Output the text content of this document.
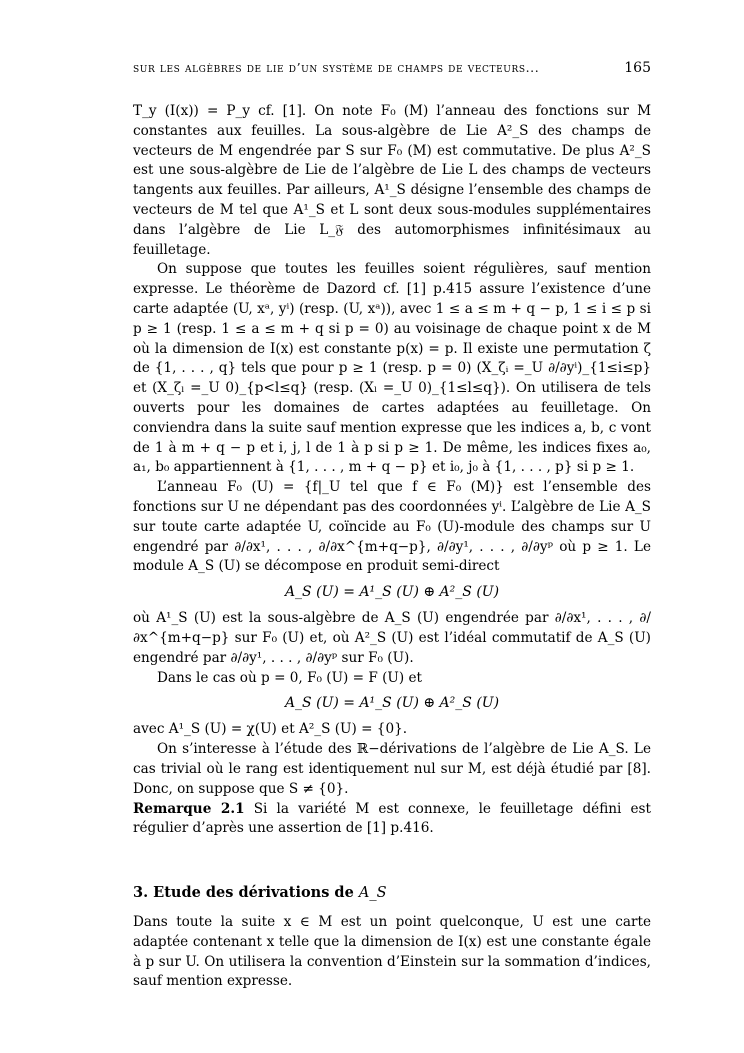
sur les algèbres de lie d’un système de champs de vecteurs...	165

T_y (I(x)) = P_y cf. [1]. On note F₀ (M) l’anneau des fonctions sur M constantes aux feuilles. La sous-algèbre de Lie A²_S des champs de vecteurs de M engendrée par S sur F₀ (M) est commutative. De plus A²_S est une sous-algèbre de Lie de l’algèbre de Lie L des champs de vecteurs tangents aux feuilles. Par ailleurs, A¹_S désigne l’ensemble des champs de vecteurs de M tel que A¹_S et L sont deux sous-modules supplémentaires dans l’algèbre de Lie L_𝔉 des automorphismes infinitésimaux au feuilletage.

On suppose que toutes les feuilles soient régulières, sauf mention expresse. Le théorème de Dazord cf. [1] p.415 assure l’existence d’une carte adaptée (U, xᵃ, yⁱ) (resp. (U, xᵃ)), avec 1 ≤ a ≤ m + q − p, 1 ≤ i ≤ p si p ≥ 1 (resp. 1 ≤ a ≤ m + q si p = 0) au voisinage de chaque point x de M où la dimension de I(x) est constante p(x) = p. Il existe une permutation ζ de {1, . . . , q} tels que pour p ≥ 1 (resp. p = 0) (X_ζᵢ =_U ∂/∂yⁱ)_{1≤i≤p} et (X_ζₗ =_U 0)_{p<l≤q} (resp. (Xₗ =_U 0)_{1≤l≤q}). On utilisera de tels ouverts pour les domaines de cartes adaptées au feuilletage. On conviendra dans la suite sauf mention expresse que les indices a, b, c vont de 1 à m + q − p et i, j, l de 1 à p si p ≥ 1. De même, les indices fixes a₀, a₁, b₀ appartiennent à {1, . . . , m + q − p} et i₀, j₀ à {1, . . . , p} si p ≥ 1.

L’anneau F₀ (U) = {f|_U tel que f ∈ F₀ (M)} est l’ensemble des fonctions sur U ne dépendant pas des coordonnées yⁱ. L’algèbre de Lie A_S sur toute carte adaptée U, coïncide au F₀ (U)-module des champs sur U engendré par ∂/∂x¹, . . . , ∂/∂x^{m+q−p}, ∂/∂y¹, . . . , ∂/∂yᵖ où p ≥ 1. Le module A_S (U) se décompose en produit semi-direct

A_S (U) = A¹_S (U) ⊕ A²_S (U)

où A¹_S (U) est la sous-algèbre de A_S (U) engendrée par ∂/∂x¹, . . . , ∂/∂x^{m+q−p} sur F₀ (U) et, où A²_S (U) est l’idéal commutatif de A_S (U) engendré par ∂/∂y¹, . . . , ∂/∂yᵖ sur F₀ (U).

Dans le cas où p = 0, F₀ (U) = F (U) et

A_S (U) = A¹_S (U) ⊕ A²_S (U)

avec A¹_S (U) = χ(U) et A²_S (U) = {0}.

On s’interesse à l’étude des ℝ−dérivations de l’algèbre de Lie A_S. Le cas trivial où le rang est identiquement nul sur M, est déjà étudié par [8]. Donc, on suppose que S ≠ {0}.

Remarque 2.1 Si la variété M est connexe, le feuilletage défini est régulier d’après une assertion de [1] p.416.

3. Etude des dérivations de A_S

Dans toute la suite x ∈ M est un point quelconque, U est une carte adaptée contenant x telle que la dimension de I(x) est une constante égale à p sur U. On utilisera la convention d’Einstein sur la sommation d’indices, sauf mention expresse.
